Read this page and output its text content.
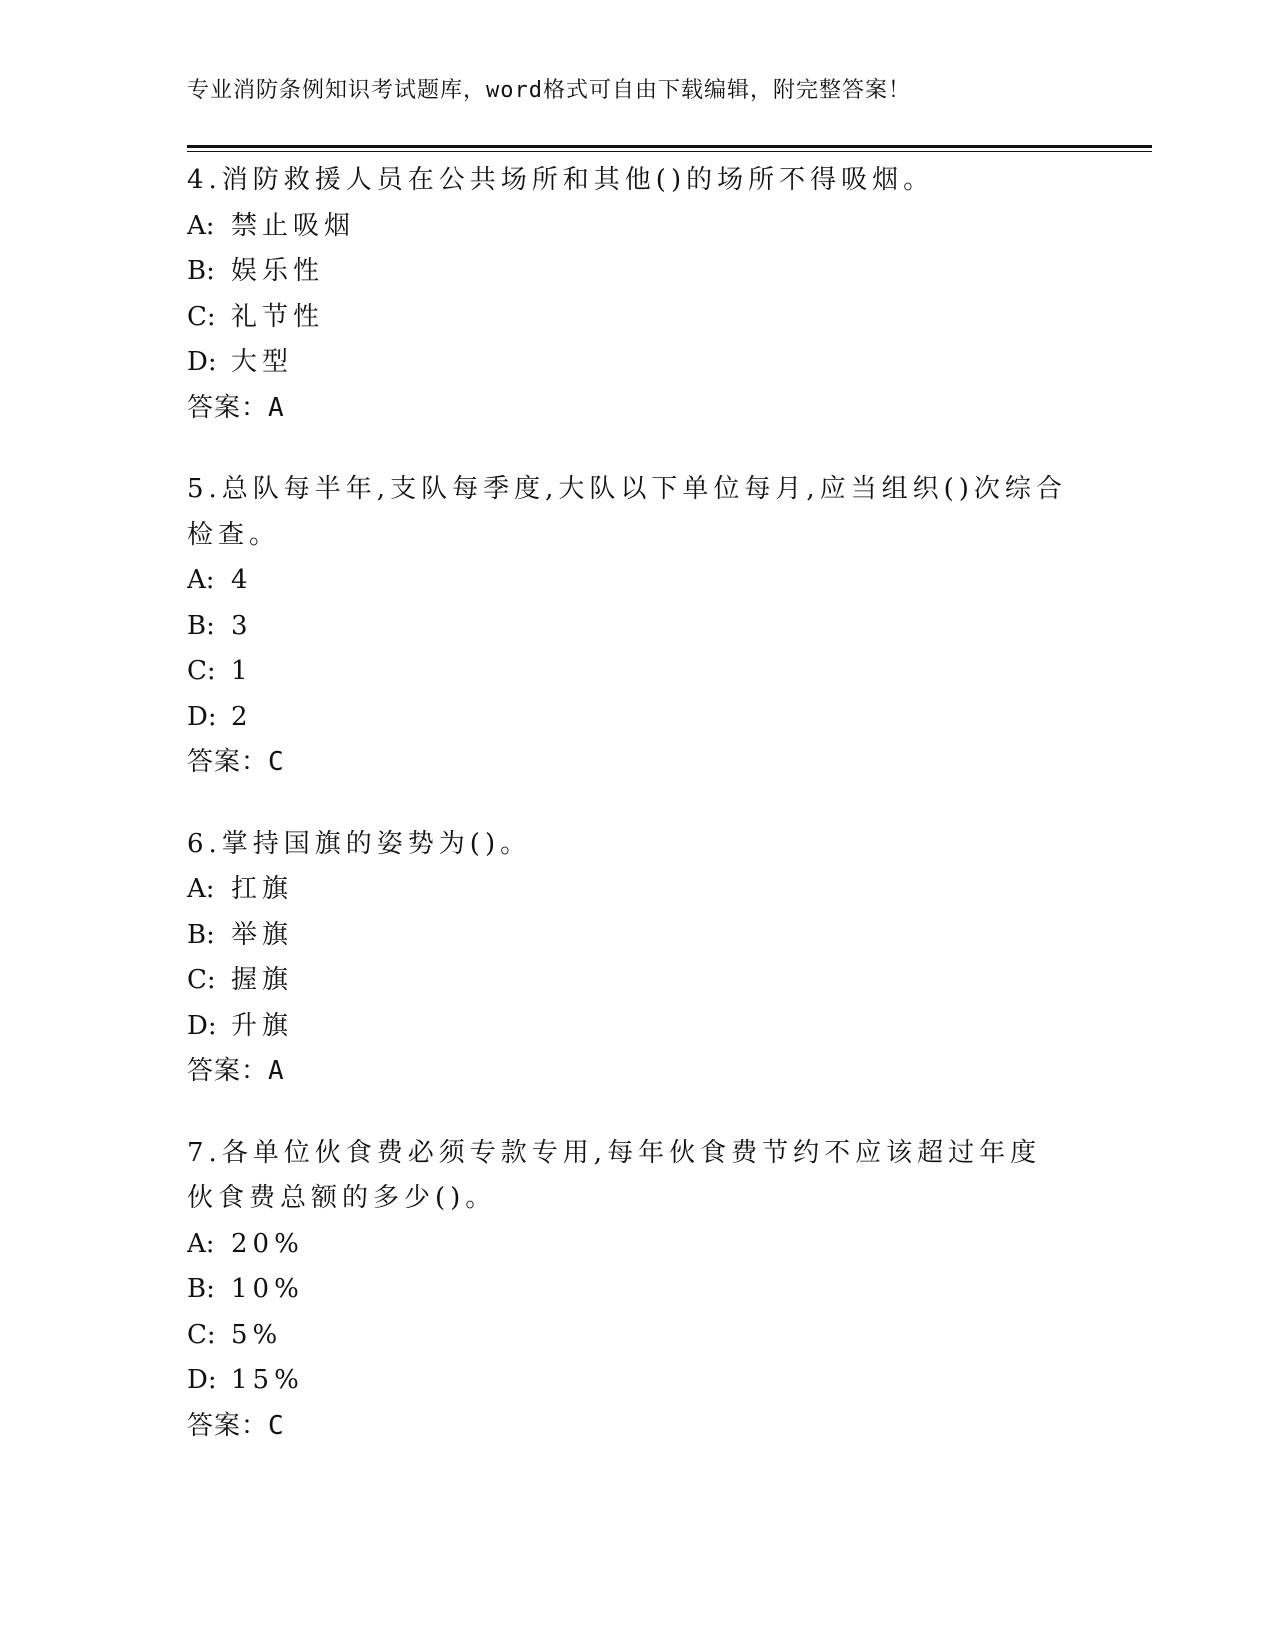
专业消防条例知识考试题库，word格式可自由下载编辑，附完整答案！
4.消防救援人员在公共场所和其他()的场所不得吸烟。
A: 禁止吸烟
B: 娱乐性
C: 礼节性
D: 大型
答案：A
5.总队每半年,支队每季度,大队以下单位每月,应当组织()次综合检查。
A: 4
B: 3
C: 1
D: 2
答案：C
6.掌持国旗的姿势为()。
A: 扛旗
B: 举旗
C: 握旗
D: 升旗
答案：A
7.各单位伙食费必须专款专用,每年伙食费节约不应该超过年度伙食费总额的多少()。
A: 20%
B: 10%
C: 5%
D: 15%
答案：C
